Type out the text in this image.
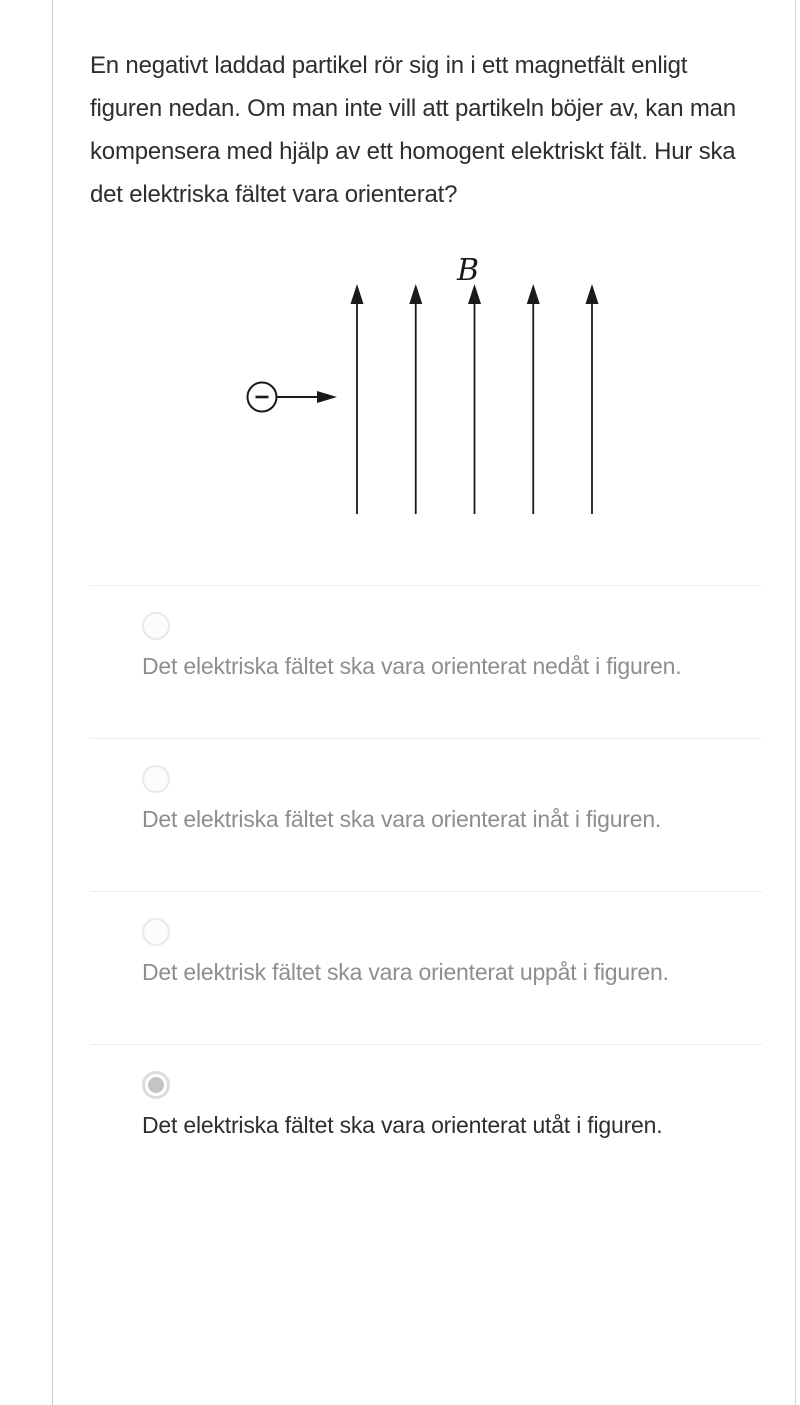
En negativt laddad partikel rör sig in i ett magnetfält enligt figuren nedan. Om man inte vill att partikeln böjer av, kan man kompensera med hjälp av ett homogent elektriskt fält. Hur ska det elektriska fältet vara orienterat?

B
Det elektriska fältet ska vara orienterat nedåt i figuren.
Det elektriska fältet ska vara orienterat inåt i figuren.
Det elektrisk fältet ska vara orienterat uppåt i figuren.
Det elektriska fältet ska vara orienterat utåt i figuren.
